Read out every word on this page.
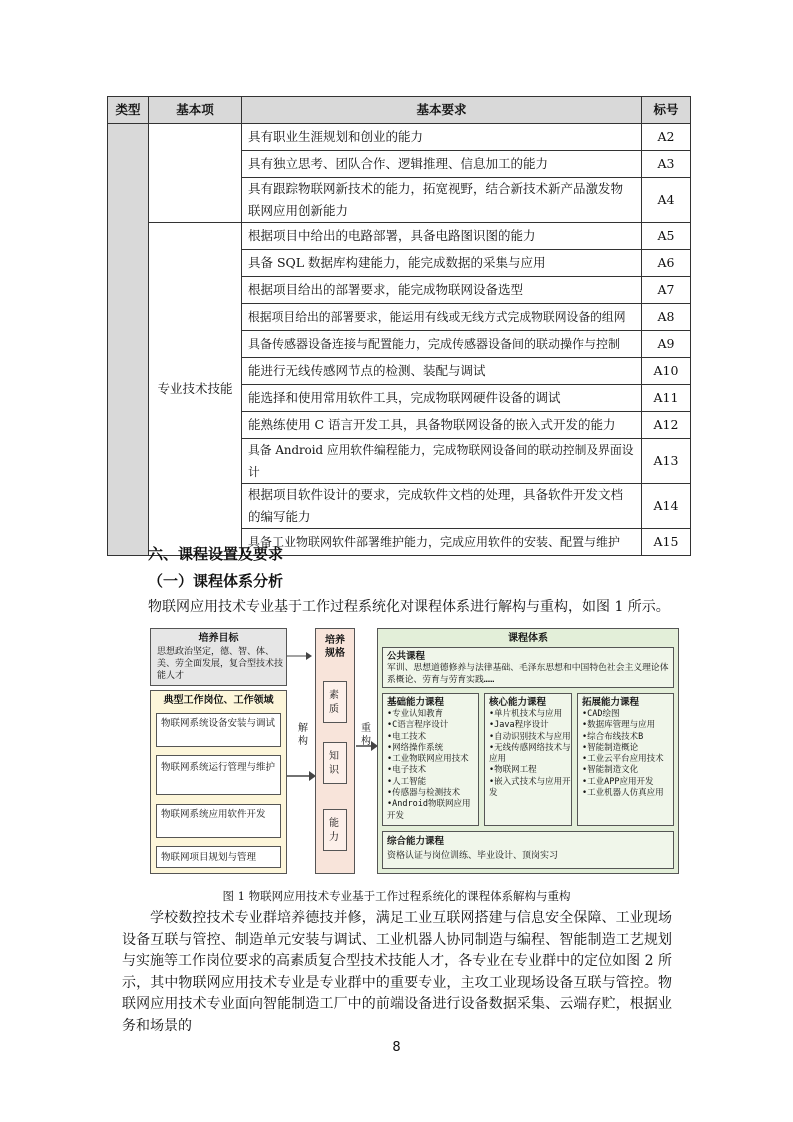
类型	基本项	基本要求	标号
		具有职业生涯规划和创业的能力	A2
		具有独立思考、团队合作、逻辑推理、信息加工的能力	A3
		具有跟踪物联网新技术的能力，拓宽视野，结合新技术新产品激发物联网应用创新能力	A4
	专业技术技能	根据项目中给出的电路部署，具备电路图识图的能力	A5
		具备 SQL 数据库构建能力，能完成数据的采集与应用	A6
		根据项目给出的部署要求，能完成物联网设备选型	A7
		根据项目给出的部署要求，能运用有线或无线方式完成物联网设备的组网	A8
		具备传感器设备连接与配置能力，完成传感器设备间的联动操作与控制	A9
		能进行无线传感网节点的检测、装配与调试	A10
		能选择和使用常用软件工具，完成物联网硬件设备的调试	A11
		能熟练使用 C 语言开发工具，具备物联网设备的嵌入式开发的能力	A12
		具备 Android 应用软件编程能力，完成物联网设备间的联动控制及界面设计	A13
		根据项目软件设计的要求，完成软件文档的处理，具备软件开发文档的编写能力	A14
		具备工业物联网软件部署维护能力，完成应用软件的安装、配置与维护	A15
六、课程设置及要求
（一）课程体系分析
物联网应用技术专业基于工作过程系统化对课程体系进行解构与重构，如图 1 所示。
培养目标
思想政治坚定，德、智、体、美、劳全面发展，复合型技术技能人才
典型工作岗位、工作领域
物联网系统设备安装与调试
物联网系统运行管理与维护
物联网系统应用软件开发
物联网项目规划与管理
解构
重构
培养规格
素质
知识
能力
课程体系
公共课程
军训、思想道德修养与法律基础、毛泽东思想和中国特色社会主义理论体系概论、劳育与劳育实践……
基础能力课程
•专业认知教育
•C语言程序设计
•电工技术
•网络操作系统
•工业物联网应用技术
•电子技术
•人工智能
•传感器与检测技术
•Android物联网应用开发
核心能力课程
•单片机技术与应用
•Java程序设计
•自动识别技术与应用
•无线传感网络技术与应用
•物联网工程
•嵌入式技术与应用开发
拓展能力课程
•CAD绘图
•数据库管理与应用
•综合布线技术B
•智能制造概论
•工业云平台应用技术
•智能制造文化
•工业APP应用开发
•工业机器人仿真应用
综合能力课程
资格认证与岗位训练、毕业设计、顶岗实习
图 1 物联网应用技术专业基于工作过程系统化的课程体系解构与重构
学校数控技术专业群培养德技并修，满足工业互联网搭建与信息安全保障、工业现场设备互联与管控、制造单元安装与调试、工业机器人协同制造与编程、智能制造工艺规划与实施等工作岗位要求的高素质复合型技术技能人才，各专业在专业群中的定位如图 2 所示，其中物联网应用技术专业是专业群中的重要专业，主攻工业现场设备互联与管控。物联网应用技术专业面向智能制造工厂中的前端设备进行设备数据采集、云端存贮，根据业务和场景的
8
